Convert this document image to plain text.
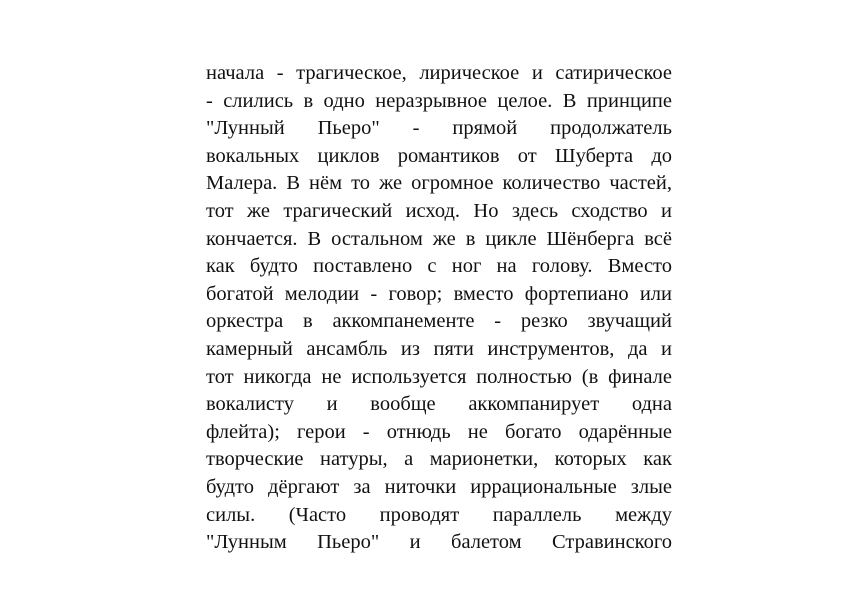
начала - трагическое, лирическое и сатирическое
- слились в одно неразрывное целое. В принципе
"Лунный Пьеро" - прямой продолжатель
вокальных циклов романтиков от Шуберта до
Малера. В нём то же огромное количество частей,
тот же трагический исход. Но здесь сходство и
кончается. В остальном же в цикле Шёнберга всё
как будто поставлено с ног на голову. Вместо
богатой мелодии - говор; вместо фортепиано или
оркестра в аккомпанементе - резко звучащий
камерный ансамбль из пяти инструментов, да и
тот никогда не используется полностью (в финале
вокалисту и вообще аккомпанирует одна
флейта); герои - отнюдь не богато одарённые
творческие натуры, а марионетки, которых как
будто дёргают за ниточки иррациональные злые
силы. (Часто проводят параллель между
"Лунным Пьеро" и балетом Стравинского
